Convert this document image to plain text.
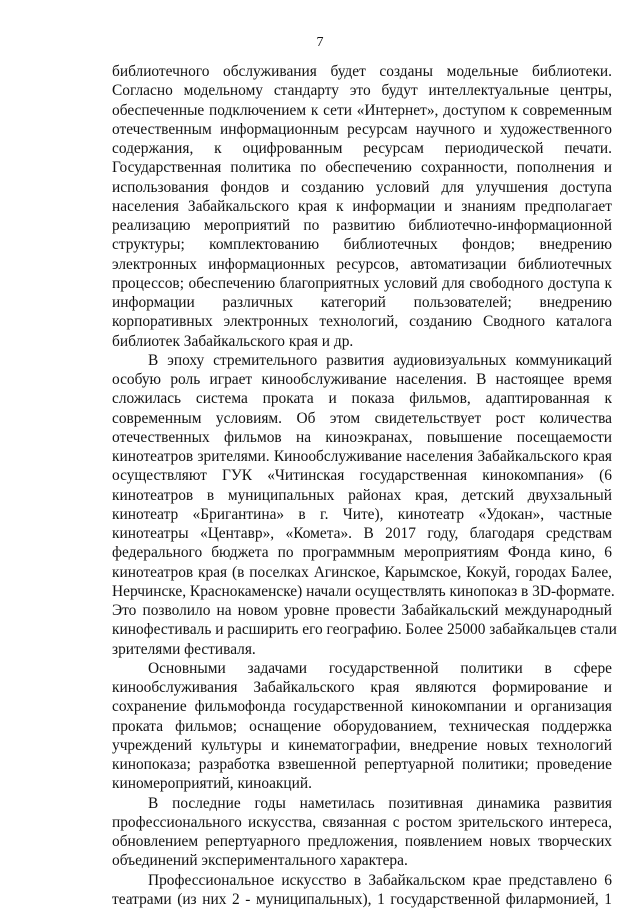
7
библиотечного обслуживания будет созданы модельные библиотеки.
Согласно модельному стандарту это будут интеллектуальные центры,
обеспеченные подключением к сети «Интернет», доступом к современным
отечественным информационным ресурсам научного и художественного
содержания, к оцифрованным ресурсам периодической печати.
Государственная политика по обеспечению сохранности, пополнения и
использования фондов и созданию условий для улучшения доступа
населения Забайкальского края к информации и знаниям предполагает
реализацию мероприятий по развитию библиотечно-информационной
структуры; комплектованию библиотечных фондов; внедрению
электронных информационных ресурсов, автоматизации библиотечных
процессов; обеспечению благоприятных условий для свободного доступа к
информации различных категорий пользователей; внедрению
корпоративных электронных технологий, созданию Сводного каталога
библиотек Забайкальского края и др.
В эпоху стремительного развития аудиовизуальных коммуникаций
особую роль играет кинообслуживание населения. В настоящее время
сложилась система проката и показа фильмов, адаптированная к
современным условиям. Об этом свидетельствует рост количества
отечественных фильмов на киноэкранах, повышение посещаемости
кинотеатров зрителями. Кинообслуживание населения Забайкальского края
осуществляют ГУК «Читинская государственная кинокомпания» (6
кинотеатров в муниципальных районах края, детский двухзальный
кинотеатр «Бригантина» в г. Чите), кинотеатр «Удокан», частные
кинотеатры «Центавр», «Комета». В 2017 году, благодаря средствам
федерального бюджета по программным мероприятиям Фонда кино, 6
кинотеатров края (в поселках Агинское, Карымское, Кокуй, городах Балее,
Нерчинске, Краснокаменске) начали осуществлять кинопоказ в 3D-формате.
Это позволило на новом уровне провести Забайкальский международный
кинофестиваль и расширить его географию. Более 25000 забайкальцев стали
зрителями фестиваля.
Основными задачами государственной политики в сфере
кинообслуживания Забайкальского края являются формирование и
сохранение фильмофонда государственной кинокомпании и организация
проката фильмов; оснащение оборудованием, техническая поддержка
учреждений культуры и кинематографии, внедрение новых технологий
кинопоказа; разработка взвешенной репертуарной политики; проведение
киномероприятий, киноакций.
В последние годы наметилась позитивная динамика развития
профессионального искусства, связанная с ростом зрительского интереса,
обновлением репертуарного предложения, появлением новых творческих
объединений экспериментального характера.
Профессиональное искусство в Забайкальском крае представлено 6
театрами (из них 2 - муниципальных), 1 государственной филармонией, 1
